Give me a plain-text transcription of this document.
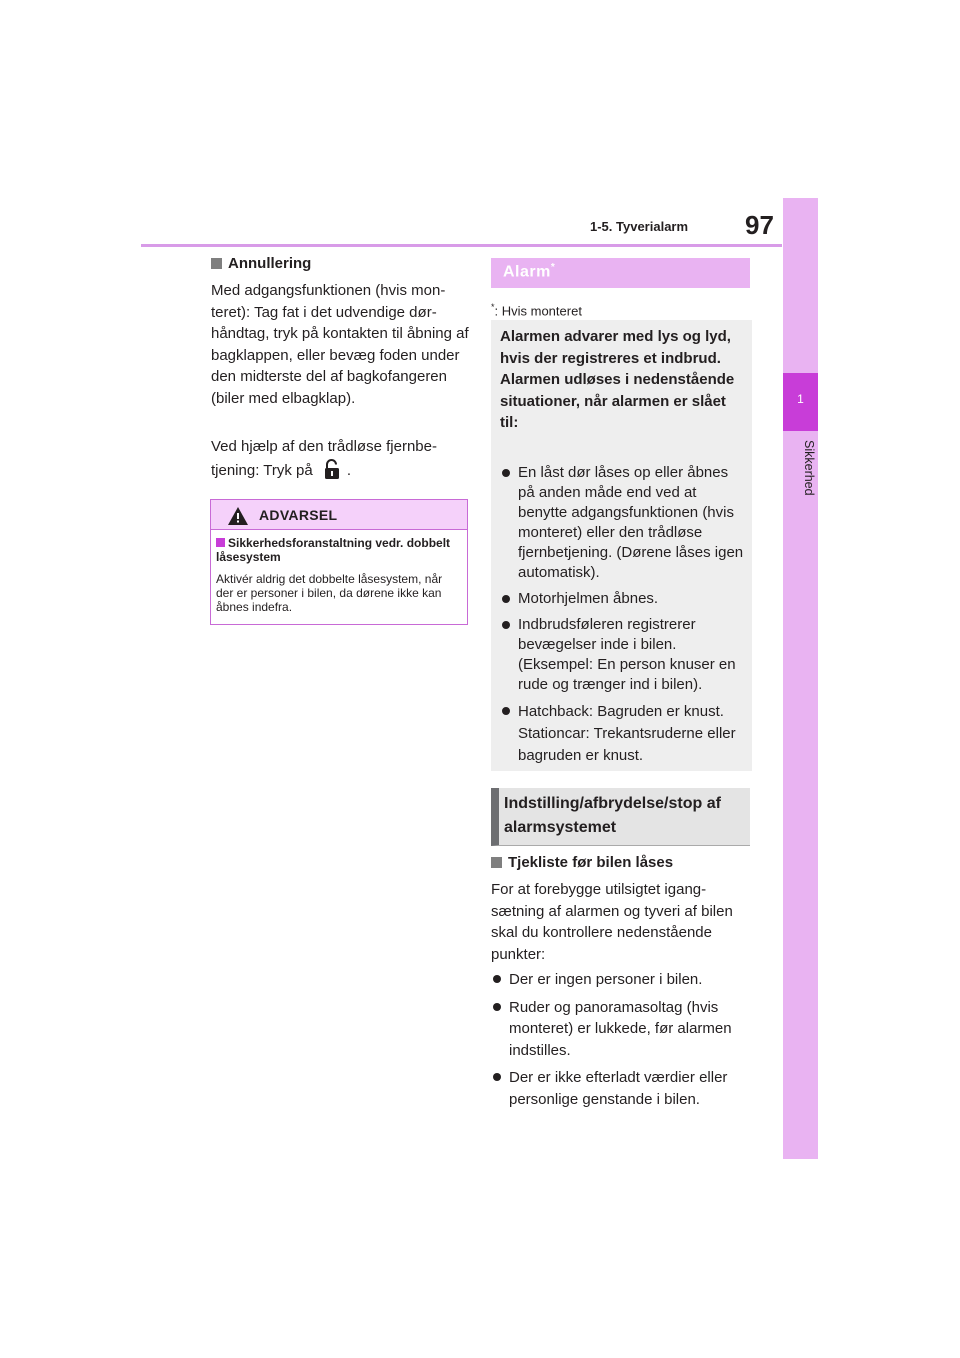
1-5. Tyverialarm 97
1
Sikkerhed
Annullering
Med adgangsfunktionen (hvis monteret): Tag fat i det udvendige dørhåndtag, tryk på kontakten til åbning af bagklappen, eller bevæg foden under den midterste del af bagkofangeren (biler med elbagklap).
Ved hjælp af den trådløse fjernbetjening: Tryk på .
ADVARSEL
Sikkerhedsforanstaltning vedr. dobbelt låsesystem
Aktivér aldrig det dobbelte låsesystem, når der er personer i bilen, da dørene ikke kan åbnes indefra.
Alarm*
*: Hvis monteret
Alarmen advarer med lys og lyd, hvis der registreres et indbrud. Alarmen udløses i nedenstående situationer, når alarmen er slået til:
En låst dør låses op eller åbnes på anden måde end ved at benytte adgangsfunktionen (hvis monteret) eller den trådløse fjernbetjening. (Dørene låses igen automatisk).
Motorhjelmen åbnes.
Indbrudsføleren registrerer bevægelser inde i bilen. (Eksempel: En person knuser en rude og trænger ind i bilen).
Hatchback: Bagruden er knust. Stationcar: Trekantsruderne eller bagruden er knust.
Indstilling/afbrydelse/stop af alarmsystemet
Tjekliste før bilen låses
For at forebygge utilsigtet igangsætning af alarmen og tyveri af bilen skal du kontrollere nedenstående punkter:
Der er ingen personer i bilen.
Ruder og panoramasoltag (hvis monteret) er lukkede, før alarmen indstilles.
Der er ikke efterladt værdier eller personlige genstande i bilen.
